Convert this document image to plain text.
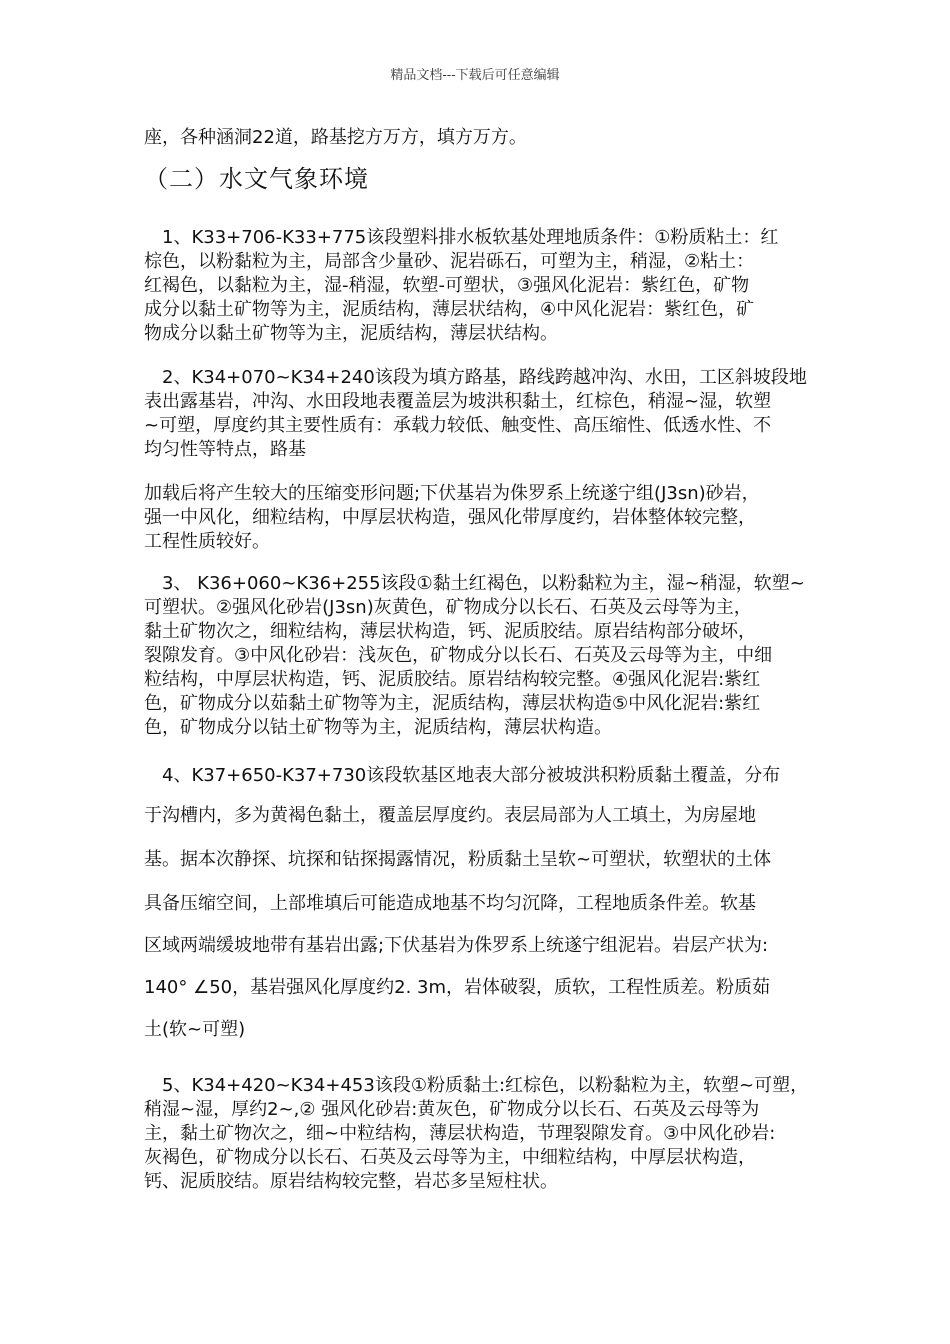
精品文档---下载后可任意编辑
座，各种涵洞22道，路基挖方万方，填方万方。
（二）水文气象环境
　1、K33+706-K33+775该段塑料排水板软基处理地质条件：①粉质粘土：红
棕色，以粉黏粒为主，局部含少量砂、泥岩砾石，可塑为主，稍湿，②粘土：
红褐色，以黏粒为主，湿-稍湿，软塑-可塑状，③强风化泥岩：紫红色，矿物
成分以黏土矿物等为主，泥质结构，薄层状结构，④中风化泥岩：紫红色，矿
物成分以黏土矿物等为主，泥质结构，薄层状结构。
　2、K34+070~K34+240该段为填方路基，路线跨越冲沟、水田，工区斜坡段地
表出露基岩，冲沟、水田段地表覆盖层为坡洪积黏土，红棕色，稍湿~湿，软塑
~可塑，厚度约其主要性质有：承载力较低、触变性、高压缩性、低透水性、不
均匀性等特点，路基
加载后将产生较大的压缩变形问题;下伏基岩为侏罗系上统遂宁组(J3sn)砂岩，
强一中风化，细粒结构，中厚层状构造，强风化带厚度约，岩体整体较完整，
工程性质较好。
　3、 K36+060~K36+255该段①黏土红褐色，以粉黏粒为主，湿~稍湿，软塑~
可塑状。②强风化砂岩(J3sn)灰黄色，矿物成分以长石、石英及云母等为主，
黏土矿物次之，细粒结构，薄层状构造，钙、泥质胶结。原岩结构部分破坏，
裂隙发育。③中风化砂岩：浅灰色，矿物成分以长石、石英及云母等为主，中细
粒结构，中厚层状构造，钙、泥质胶结。原岩结构较完整。④强风化泥岩:紫红
色，矿物成分以茹黏土矿物等为主，泥质结构，薄层状构造⑤中风化泥岩:紫红
色，矿物成分以钴土矿物等为主，泥质结构，薄层状构造。
　4、K37+650-K37+730该段软基区地表大部分被坡洪积粉质黏土覆盖，分布
于沟槽内，多为黄褐色黏土，覆盖层厚度约。表层局部为人工填土，为房屋地
基。据本次静探、坑探和钻探揭露情况，粉质黏土呈软~可塑状，软塑状的土体
具备压缩空间，上部堆填后可能造成地基不均匀沉降，工程地质条件差。软基
区域两端缓坡地带有基岩出露;下伏基岩为侏罗系上统遂宁组泥岩。岩层产状为:
140° ∠50，基岩强风化厚度约2. 3m，岩体破裂，质软，工程性质差。粉质茹
土(软~可塑)
　5、K34+420~K34+453该段①粉质黏土:红棕色，以粉黏粒为主，软塑~可塑，
稍湿~湿，厚约2~,② 强风化砂岩:黄灰色，矿物成分以长石、石英及云母等为
主，黏土矿物次之，细~中粒结构，薄层状构造，节理裂隙发育。③中风化砂岩:
灰褐色，矿物成分以长石、石英及云母等为主，中细粒结构，中厚层状构造，
钙、泥质胶结。原岩结构较完整，岩芯多呈短柱状。
